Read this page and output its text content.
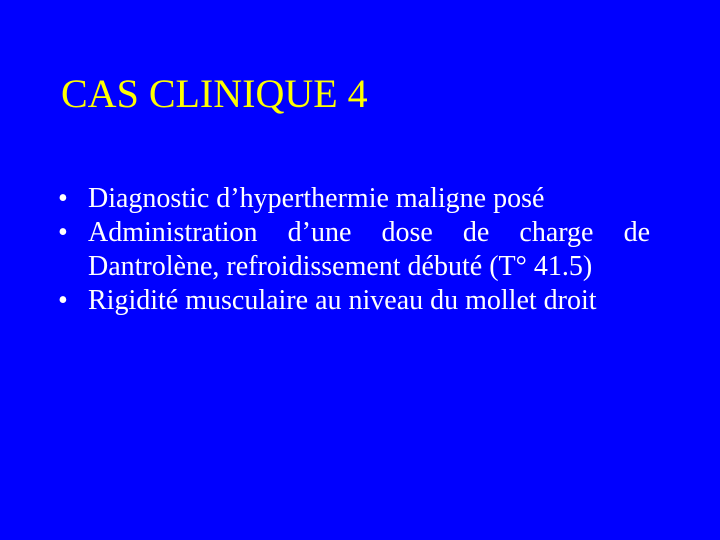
CAS CLINIQUE 4
• Diagnostic d’hyperthermie maligne posé
• Administration d’une dose de charge de Dantrolène, refroidissement débuté (T° 41.5)
• Rigidité musculaire au niveau du mollet droit
